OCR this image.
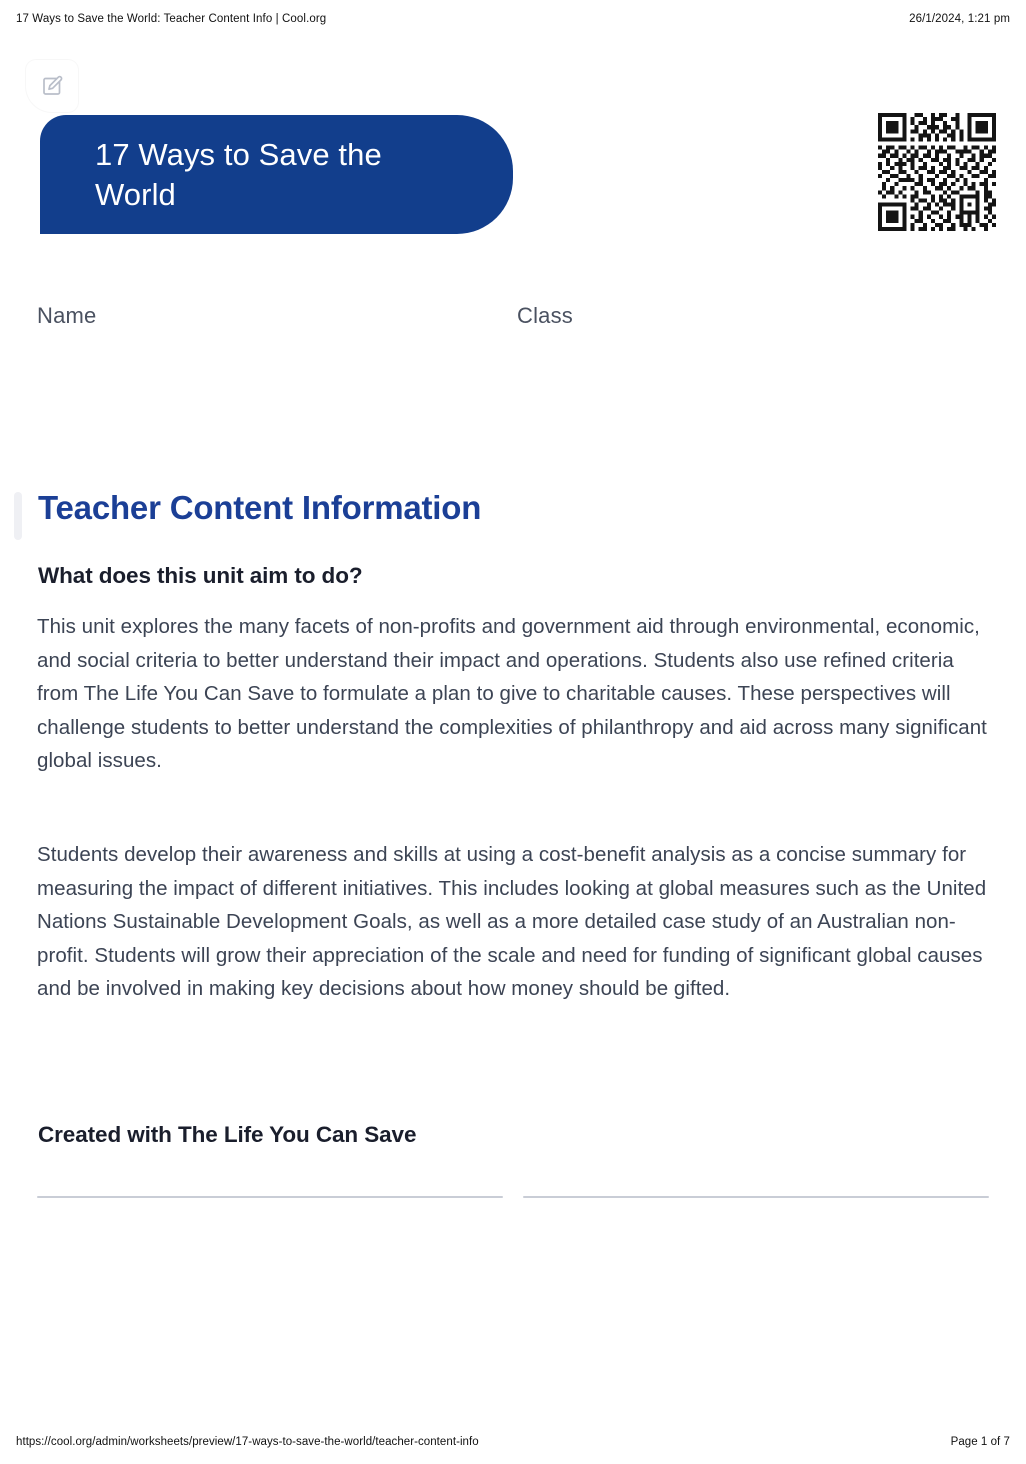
17 Ways to Save the World: Teacher Content Info | Cool.org	26/1/2024, 1:21 pm
17 Ways to Save the World
Name	Class
Teacher Content Information
What does this unit aim to do?
This unit explores the many facets of non-profits and government aid through environmental, economic, and social criteria to better understand their impact and operations. Students also use refined criteria from The Life You Can Save to formulate a plan to give to charitable causes. These perspectives will challenge students to better understand the complexities of philanthropy and aid across many significant global issues.
Students develop their awareness and skills at using a cost-benefit analysis as a concise summary for measuring the impact of different initiatives. This includes looking at global measures such as the United Nations Sustainable Development Goals, as well as a more detailed case study of an Australian non-profit. Students will grow their appreciation of the scale and need for funding of significant global causes and be involved in making key decisions about how money should be gifted.
Created with The Life You Can Save
https://cool.org/admin/worksheets/preview/17-ways-to-save-the-world/teacher-content-info	Page 1 of 7
